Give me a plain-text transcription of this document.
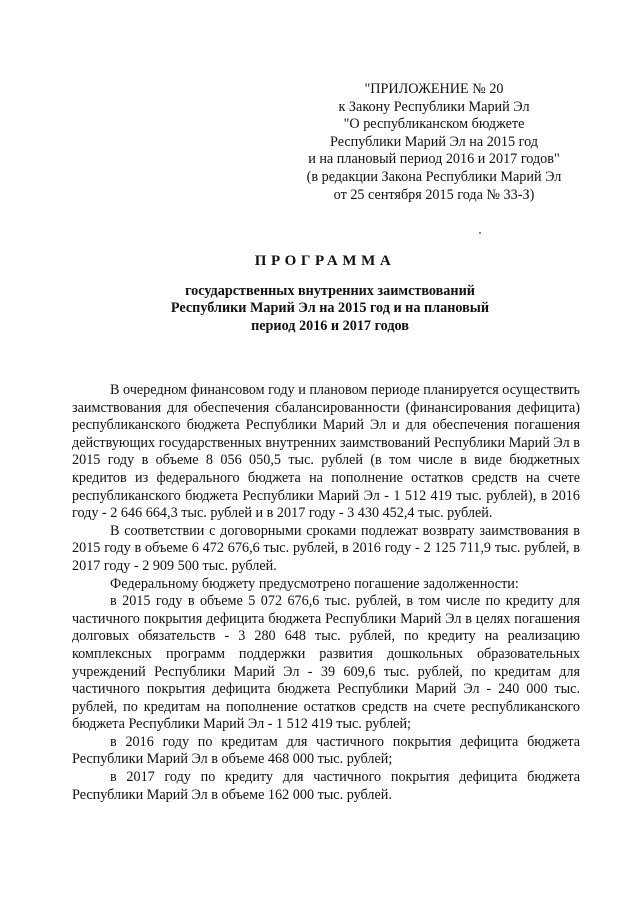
"ПРИЛОЖЕНИЕ № 20
к Закону Республики Марий Эл
"О республиканском бюджете
Республики Марий Эл на 2015 год
и на плановый период 2016 и 2017 годов"
(в редакции Закона Республики Марий Эл
от 25 сентября 2015 года № 33-З)
ПРОГРАММА
государственных внутренних заимствований
Республики Марий Эл на 2015 год и на плановый
период 2016 и 2017 годов

В очередном финансовом году и плановом периоде планируется осуществить заимствования для обеспечения сбалансированности (финансирования дефицита) республиканского бюджета Республики Марий Эл и для обеспечения погашения действующих государственных внутренних заимствований Республики Марий Эл в 2015 году в объеме 8 056 050,5 тыс. рублей (в том числе в виде бюджетных кредитов из федерального бюджета на пополнение остатков средств на счете республиканского бюджета Республики Марий Эл - 1 512 419 тыс. рублей), в 2016 году - 2 646 664,3 тыс. рублей и в 2017 году - 3 430 452,4 тыс. рублей.

В соответствии с договорными сроками подлежат возврату заимствования в 2015 году в объеме 6 472 676,6 тыс. рублей, в 2016 году - 2 125 711,9 тыс. рублей, в 2017 году - 2 909 500 тыс. рублей.

Федеральному бюджету предусмотрено погашение задолженности:

в 2015 году в объеме 5 072 676,6 тыс. рублей, в том числе по кредиту для частичного покрытия дефицита бюджета Республики Марий Эл в целях погашения долговых обязательств - 3 280 648 тыс. рублей, по кредиту на реализацию комплексных программ поддержки развития дошкольных образовательных учреждений Республики Марий Эл - 39 609,6 тыс. рублей, по кредитам для частичного покрытия дефицита бюджета Республики Марий Эл - 240 000 тыс. рублей, по кредитам на пополнение остатков средств на счете республиканского бюджета Республики Марий Эл - 1 512 419 тыс. рублей;

в 2016 году по кредитам для частичного покрытия дефицита бюджета Республики Марий Эл в объеме 468 000 тыс. рублей;

в 2017 году по кредиту для частичного покрытия дефицита бюджета Республики Марий Эл в объеме 162 000 тыс. рублей.
